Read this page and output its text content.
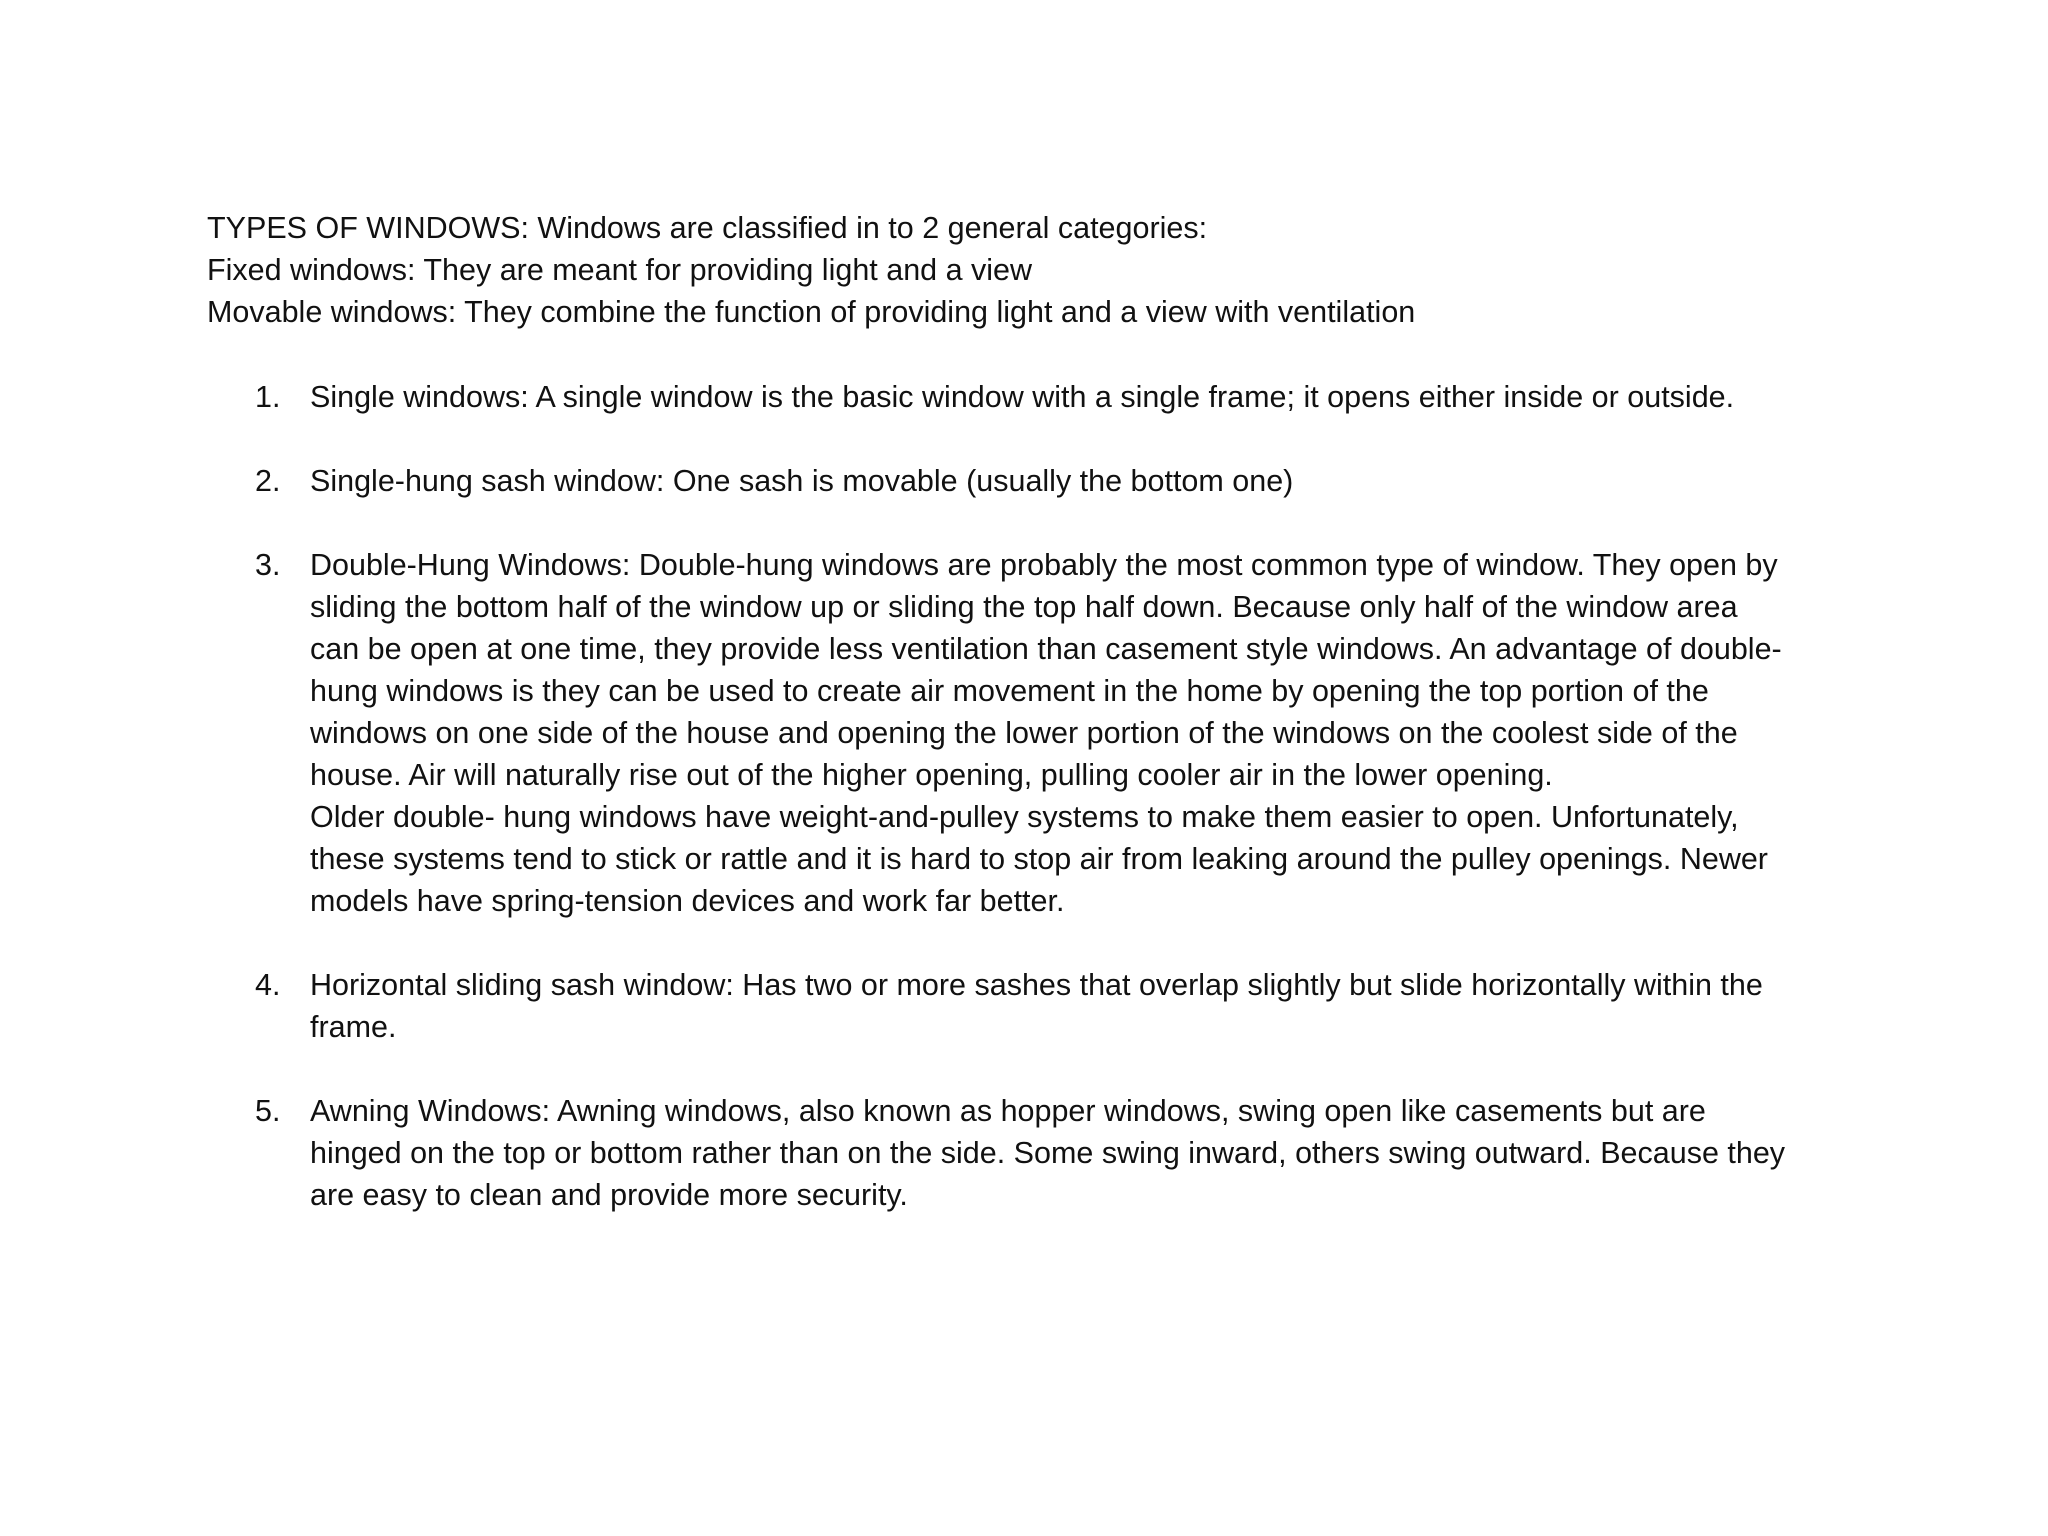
TYPES OF WINDOWS: Windows are classified in to 2 general categories:
Fixed windows: They are meant for providing light and a view
Movable windows: They combine the function of providing light and a view with ventilation
1. Single windows: A single window is the basic window with a single frame; it opens either inside or outside.
2. Single-hung sash window: One sash is movable (usually the bottom one)
3. Double-Hung Windows: Double-hung windows are probably the most common type of window. They open by
sliding the bottom half of the window up or sliding the top half down. Because only half of the window area
can be open at one time, they provide less ventilation than casement style windows. An advantage of double-
hung windows is they can be used to create air movement in the home by opening the top portion of the
windows on one side of the house and opening the lower portion of the windows on the coolest side of the
house. Air will naturally rise out of the higher opening, pulling cooler air in the lower opening.
Older double- hung windows have weight-and-pulley systems to make them easier to open. Unfortunately,
these systems tend to stick or rattle and it is hard to stop air from leaking around the pulley openings. Newer
models have spring-tension devices and work far better.
4. Horizontal sliding sash window: Has two or more sashes that overlap slightly but slide horizontally within the
frame.
5. Awning Windows: Awning windows, also known as hopper windows, swing open like casements but are
hinged on the top or bottom rather than on the side. Some swing inward, others swing outward. Because they
are easy to clean and provide more security.
